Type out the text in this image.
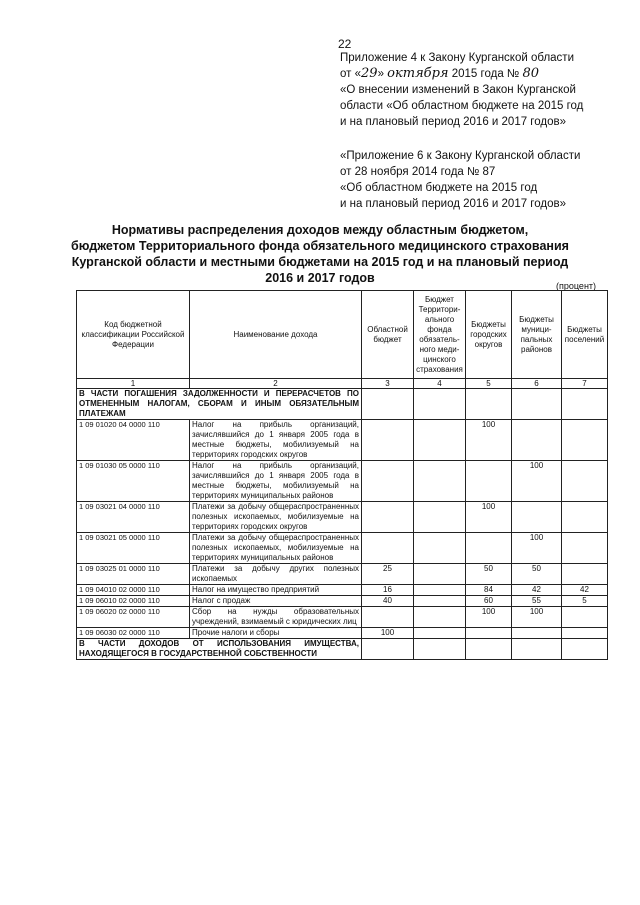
22
Приложение 4 к Закону Курганской области
от «29» октября 2015 года № 80
«О внесении изменений в Закон Курганской
области «Об областном бюджете на 2015 год
и на плановый период 2016 и 2017 годов»
«Приложение 6 к Закону Курганской области
от 28 ноября 2014 года № 87
«Об областном бюджете на 2015 год
и на плановый период 2016 и 2017 годов»
Нормативы распределения доходов между областным бюджетом,
бюджетом Территориального фонда обязательного медицинского страхования
Курганской области и местными бюджетами на 2015 год и на плановый период
2016 и 2017 годов
(процент)
Код бюджетной классификации Российской Федерации	Наименование дохода	Областной бюджет	Бюджет Территориального фонда обязательного медицинского страхования	Бюджеты городских округов	Бюджеты муниципальных районов	Бюджеты поселений
1	2	3	4	5	6	7
В ЧАСТИ ПОГАШЕНИЯ ЗАДОЛЖЕННОСТИ И ПЕРЕРАСЧЕТОВ ПО ОТМЕНЕННЫМ НАЛОГАМ, СБОРАМ И ИНЫМ ОБЯЗАТЕЛЬНЫМ ПЛАТЕЖАМ						
1 09 01020 04 0000 110	Налог на прибыль организаций, зачислявшийся до 1 января 2005 года в местные бюджеты, мобилизуемый на территориях городских округов			100		
1 09 01030 05 0000 110	Налог на прибыль организаций, зачислявшийся до 1 января 2005 года в местные бюджеты, мобилизуемый на территориях муниципальных районов				100	
1 09 03021 04 0000 110	Платежи за добычу общераспространенных полезных ископаемых, мобилизуемые на территориях городских округов			100		
1 09 03021 05 0000 110	Платежи за добычу общераспространенных полезных ископаемых, мобилизуемые на территориях муниципальных районов				100	
1 09 03025 01 0000 110	Платежи за добычу других полезных ископаемых	25		50	50	
1 09 04010 02 0000 110	Налог на имущество предприятий	16		84	42	42
1 09 06010 02 0000 110	Налог с продаж	40		60	55	5
1 09 06020 02 0000 110	Сбор на нужды образовательных учреждений, взимаемый с юридических лиц			100	100	
1 09 06030 02 0000 110	Прочие налоги и сборы	100				
В ЧАСТИ ДОХОДОВ ОТ ИСПОЛЬЗОВАНИЯ ИМУЩЕСТВА, НАХОДЯЩЕГОСЯ В ГОСУДАРСТВЕННОЙ СОБСТВЕННОСТИ						
